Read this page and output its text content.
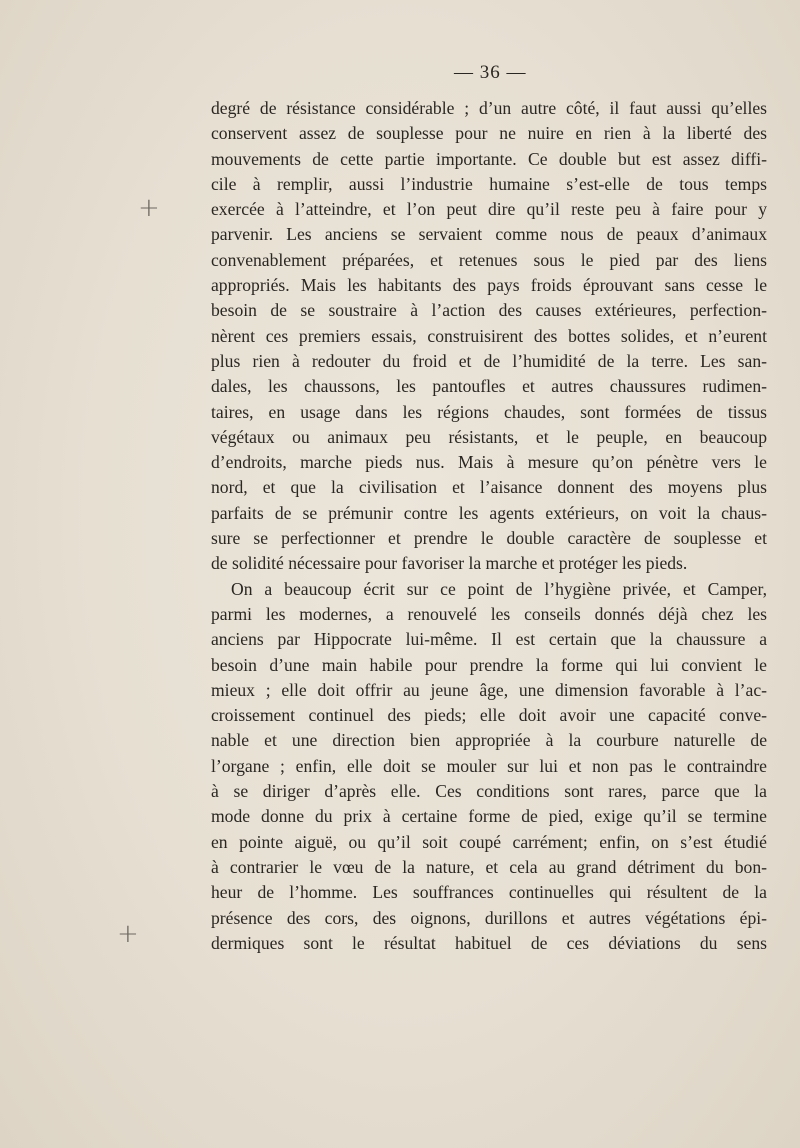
— 36 —
+
+
degré de résistance considérable ; d’un autre côté, il faut aussi qu’elles
conservent assez de souplesse pour ne nuire en rien à la liberté des
mouvements de cette partie importante. Ce double but est assez diffi-
cile à remplir, aussi l’industrie humaine s’est-elle de tous temps
exercée à l’atteindre, et l’on peut dire qu’il reste peu à faire pour y
parvenir. Les anciens se servaient comme nous de peaux d’animaux
convenablement préparées, et retenues sous le pied par des liens
appropriés. Mais les habitants des pays froids éprouvant sans cesse le
besoin de se soustraire à l’action des causes extérieures, perfection-
nèrent ces premiers essais, construisirent des bottes solides, et n’eurent
plus rien à redouter du froid et de l’humidité de la terre. Les san-
dales, les chaussons, les pantoufles et autres chaussures rudimen-
taires, en usage dans les régions chaudes, sont formées de tissus
végétaux ou animaux peu résistants, et le peuple, en beaucoup
d’endroits, marche pieds nus. Mais à mesure qu’on pénètre vers le
nord, et que la civilisation et l’aisance donnent des moyens plus
parfaits de se prémunir contre les agents extérieurs, on voit la chaus-
sure se perfectionner et prendre le double caractère de souplesse et
de solidité nécessaire pour favoriser la marche et protéger les pieds.
On a beaucoup écrit sur ce point de l’hygiène privée, et Camper,
parmi les modernes, a renouvelé les conseils donnés déjà chez les
anciens par Hippocrate lui-même. Il est certain que la chaussure a
besoin d’une main habile pour prendre la forme qui lui convient le
mieux ; elle doit offrir au jeune âge, une dimension favorable à l’ac-
croissement continuel des pieds; elle doit avoir une capacité conve-
nable et une direction bien appropriée à la courbure naturelle de
l’organe ; enfin, elle doit se mouler sur lui et non pas le contraindre
à se diriger d’après elle. Ces conditions sont rares, parce que la
mode donne du prix à certaine forme de pied, exige qu’il se termine
en pointe aiguë, ou qu’il soit coupé carrément; enfin, on s’est étudié
à contrarier le vœu de la nature, et cela au grand détriment du bon-
heur de l’homme. Les souffrances continuelles qui résultent de la
présence des cors, des oignons, durillons et autres végétations épi-
dermiques sont le résultat habituel de ces déviations du sens
